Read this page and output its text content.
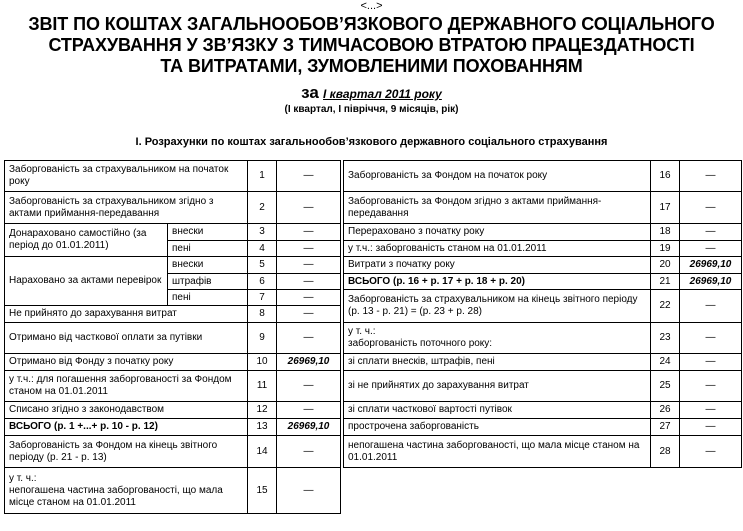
<...>
ЗВІТ ПО КОШТАХ ЗАГАЛЬНООБОВ’ЯЗКОВОГО ДЕРЖАВНОГО СОЦІАЛЬНОГО
СТРАХУВАННЯ У ЗВ’ЯЗКУ З ТИМЧАСОВОЮ ВТРАТОЮ ПРАЦЕЗДАТНОСТІ
ТА ВИТРАТАМИ, ЗУМОВЛЕНИМИ ПОХОВАННЯМ
за І квартал 2011 року
(І квартал, І півріччя, 9 місяців, рік)
І. Розрахунки по коштах загальнообов’язкового державного соціального страхування
Заборгованість за страхувальником на початок року		1	—
Заборгованість за страхувальником згідно з актами приймання-передавання		2	—
Донараховано самостійно (за період до 01.01.2011)	внески	3	—
	пені	4	—
Нараховано за актами перевірок	внески	5	—
	штрафів	6	—
	пені	7	—
Не прийнято до зарахування витрат		8	—
Отримано від часткової оплати за путівки		9	—
Отримано від Фонду з початку року		10	26969,10
у т.ч.: для погашення заборгованості за Фондом станом на 01.01.2011		11	—
Списано згідно з законодавством		12	—
ВСЬОГО (р. 1 +...+ р. 10 - р. 12)		13	26969,10
Заборгованість за Фондом на кінець звітного періоду (р. 21 - р. 13)		14	—

у т. ч.:
непогашена частина заборгованості, що мала місце станом на 01.01.2011		15	—
Заборгованість за Фондом на початок року	16	—
Заборгованість за Фондом згідно з актами приймання-передавання	17	—
Перераховано з початку року	18	—
у т.ч.: заборгованість станом на 01.01.2011	19	—
Витрати з початку року	20	26969,10
ВСЬОГО (р. 16 + р. 17 + р. 18 + р. 20)	21	26969,10
Заборгованість за страхувальником на кінець звітного періоду (р. 13 - р. 21) = (р. 23 + р. 28)	22	—

у т. ч.:
заборгованість поточного року:	23	—
зі сплати внесків, штрафів, пені	24	—
зі не прийнятих до зарахування витрат	25	—
зі сплати часткової вартості путівок	26	—
прострочена заборгованість	27	—
непогашена частина заборгованості, що мала місце станом на 01.01.2011	28	—
